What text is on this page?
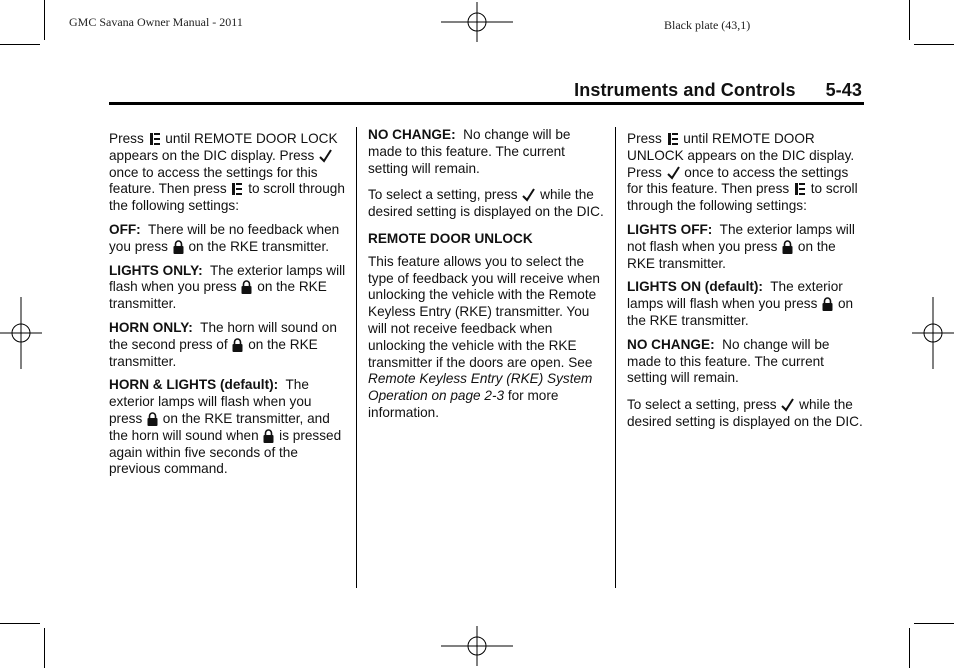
GMC Savana Owner Manual - 2011	Black plate (43,1)
Instruments and Controls 5-43

Press  until REMOTE DOOR LOCK appears on the DIC display. Press  once to access the settings for this feature. Then press  to scroll through the following settings:

OFF: There will be no feedback when you press  on the RKE transmitter.

LIGHTS ONLY: The exterior lamps will flash when you press  on the RKE transmitter.

HORN ONLY: The horn will sound on the second press of  on the RKE transmitter.

HORN & LIGHTS (default): The exterior lamps will flash when you press  on the RKE transmitter, and the horn will sound when  is pressed again within five seconds of the previous command.

NO CHANGE: No change will be made to this feature. The current setting will remain.

To select a setting, press  while the desired setting is displayed on the DIC.

REMOTE DOOR UNLOCK

This feature allows you to select the type of feedback you will receive when unlocking the vehicle with the Remote Keyless Entry (RKE) transmitter. You will not receive feedback when unlocking the vehicle with the RKE transmitter if the doors are open. See Remote Keyless Entry (RKE) System Operation on page 2-3 for more information.

Press  until REMOTE DOOR UNLOCK appears on the DIC display. Press  once to access the settings for this feature. Then press  to scroll through the following settings:

LIGHTS OFF: The exterior lamps will not flash when you press  on the RKE transmitter.

LIGHTS ON (default): The exterior lamps will flash when you press  on the RKE transmitter.

NO CHANGE: No change will be made to this feature. The current setting will remain.

To select a setting, press  while the desired setting is displayed on the DIC.
